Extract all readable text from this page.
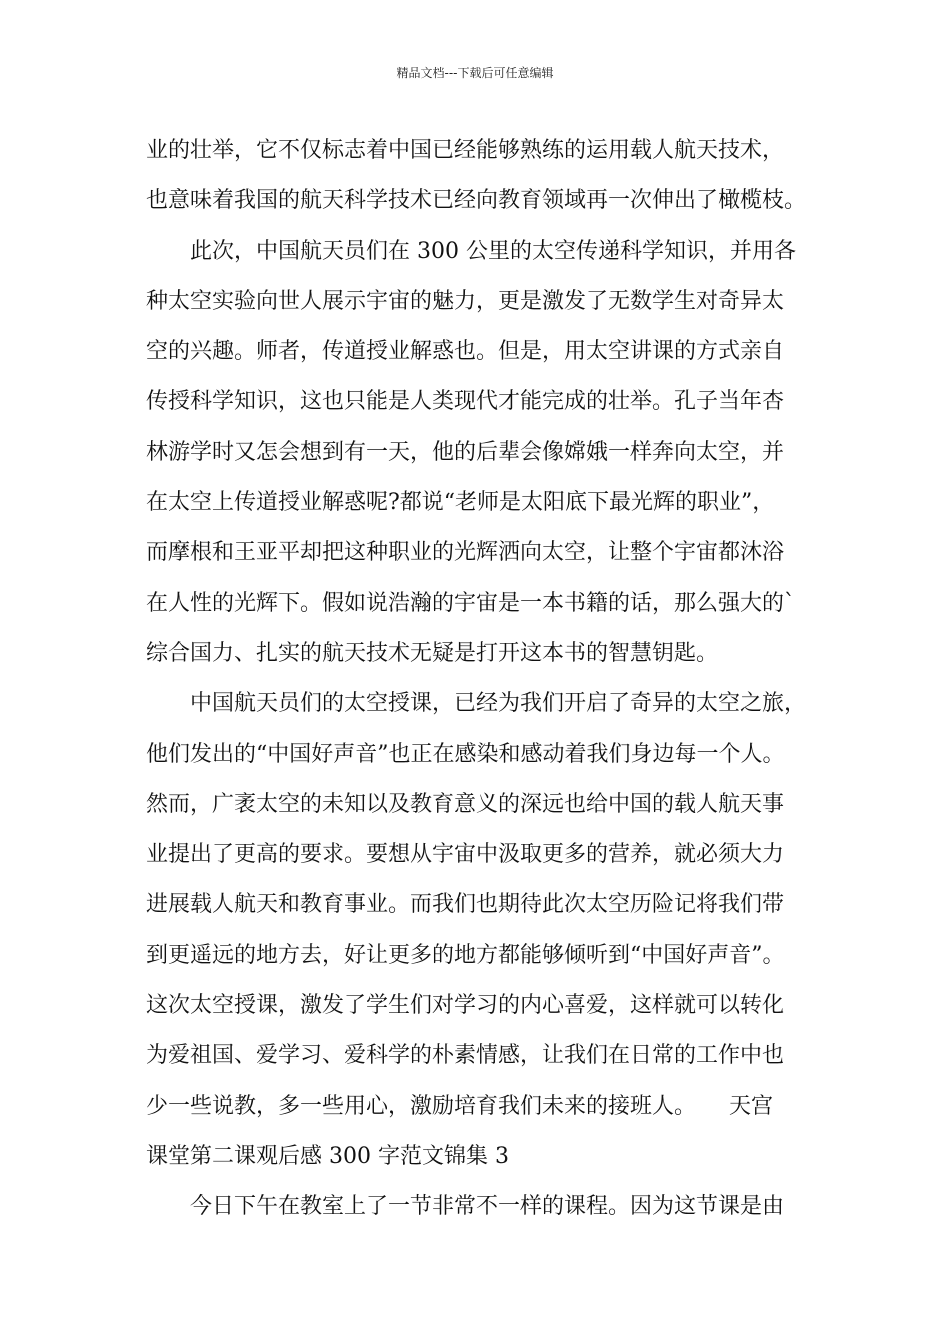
精品文档---下载后可任意编辑
业的壮举，它不仅标志着中国已经能够熟练的运用载人航天技术，
也意味着我国的航天科学技术已经向教育领域再一次伸出了橄榄枝。
此次，中国航天员们在 300 公里的太空传递科学知识，并用各
种太空实验向世人展示宇宙的魅力，更是激发了无数学生对奇异太
空的兴趣。师者，传道授业解惑也。但是，用太空讲课的方式亲自
传授科学知识，这也只能是人类现代才能完成的壮举。孔子当年杏
林游学时又怎会想到有一天，他的后辈会像嫦娥一样奔向太空，并
在太空上传道授业解惑呢?都说“老师是太阳底下最光辉的职业”，
而摩根和王亚平却把这种职业的光辉洒向太空，让整个宇宙都沐浴
在人性的光辉下。假如说浩瀚的宇宙是一本书籍的话，那么强大的`
综合国力、扎实的航天技术无疑是打开这本书的智慧钥匙。
中国航天员们的太空授课，已经为我们开启了奇异的太空之旅，
他们发出的“中国好声音”也正在感染和感动着我们身边每一个人。
然而，广袤太空的未知以及教育意义的深远也给中国的载人航天事
业提出了更高的要求。要想从宇宙中汲取更多的营养，就必须大力
进展载人航天和教育事业。而我们也期待此次太空历险记将我们带
到更遥远的地方去，好让更多的地方都能够倾听到“中国好声音”。
这次太空授课，激发了学生们对学习的内心喜爱，这样就可以转化
为爱祖国、爱学习、爱科学的朴素情感，让我们在日常的工作中也
少一些说教，多一些用心，激励培育我们未来的接班人。　　天宫
课堂第二课观后感 300 字范文锦集 3
今日下午在教室上了一节非常不一样的课程。因为这节课是由
